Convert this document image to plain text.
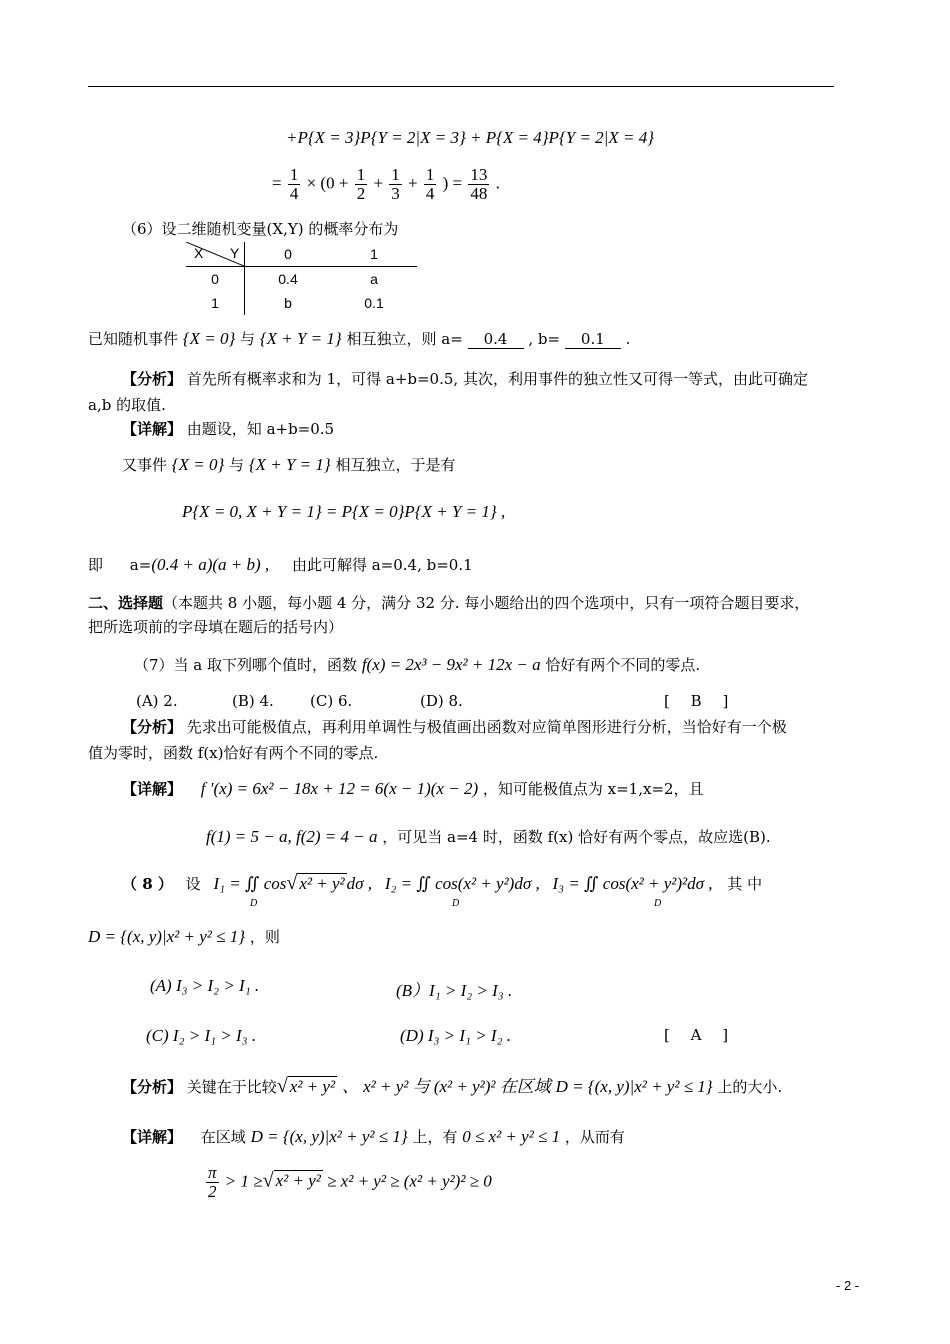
+P{X = 3}P{Y = 2|X = 3} + P{X = 4}P{Y = 2|X = 4}
= $\frac{1}{4} \times (0 + \frac{1}{2} + \frac{1}{3} + \frac{1}{4}$ ) = $\frac{13}{48}$ .
（6）设二维随机变量(X,Y) 的概率分布为
X Y	0	1
0	0.4	a
1	b	0.1
已知随机事件 {X = 0} 与 {X + Y = 1} 相互独立，则 a= 0.4 , b= 0.1 .
【分析】 首先所有概率求和为 1，可得 a+b=0.5, 其次，利用事件的独立性又可得一等式，由此可确定
a,b 的取值.
【详解】 由题设，知 a+b=0.5
又事件 {X = 0} 与 {X + Y = 1} 相互独立，于是有
P{X = 0, X + Y = 1} = P{X = 0}P{X + Y = 1} ,
即 a=(0.4 + a)(a + b) , 由此可解得 a=0.4, b=0.1
二、选择题（本题共 8 小题，每小题 4 分，满分 32 分. 每小题给出的四个选项中，只有一项符合题目要求，
把所选项前的字母填在题后的括号内）
（7）当 a 取下列哪个值时，函数 f(x) = 2x³ − 9x² + 12x − a 恰好有两个不同的零点.
(A) 2.	(B) 4. (C) 6.	(D) 8.	[ B ]
【分析】 先求出可能极值点，再利用单调性与极值画出函数对应简单图形进行分析，当恰好有一个极
值为零时，函数 f(x)恰好有两个不同的零点.
【详解】 f ′(x) = 6x² − 18x + 12 = 6(x − 1)(x − 2) ，知可能极值点为 x=1,x=2，且
f(1) = 5 − a, f(2) = 4 − a ，可见当 a=4 时，函数 f(x) 恰好有两个零点，故应选(B).
（ 8 ） 设 I₁ = ∬ cos√ x² + y² dσ , I₂ = ∬ cos(x² + y²)dσ , I₃ = ∬ cos(x² + y²)²dσ , 其 中
D	D	D
D = {(x, y)|x² + y² ≤ 1} ，则
(A) I₃ > I₂ > I₁ .	(B）I₁ > I₂ > I₃ .
(C) I₂ > I₁ > I₃ .	(D) I₃ > I₁ > I₂ .	[ A ]
【分析】 关键在于比较√ x² + y² 、 x² + y² 与 (x² + y²)² 在区域 D = {(x, y)|x² + y² ≤ 1} 上的大小.
【详解】 在区域 D = {(x, y)|x² + y² ≤ 1} 上，有 0 ≤ x² + y² ≤ 1 ，从而有
$\frac{\pi}{2} > 1$ ≥√ x² + y² ≥ x² + y² ≥ (x² + y²)² ≥ 0
- 2 -
